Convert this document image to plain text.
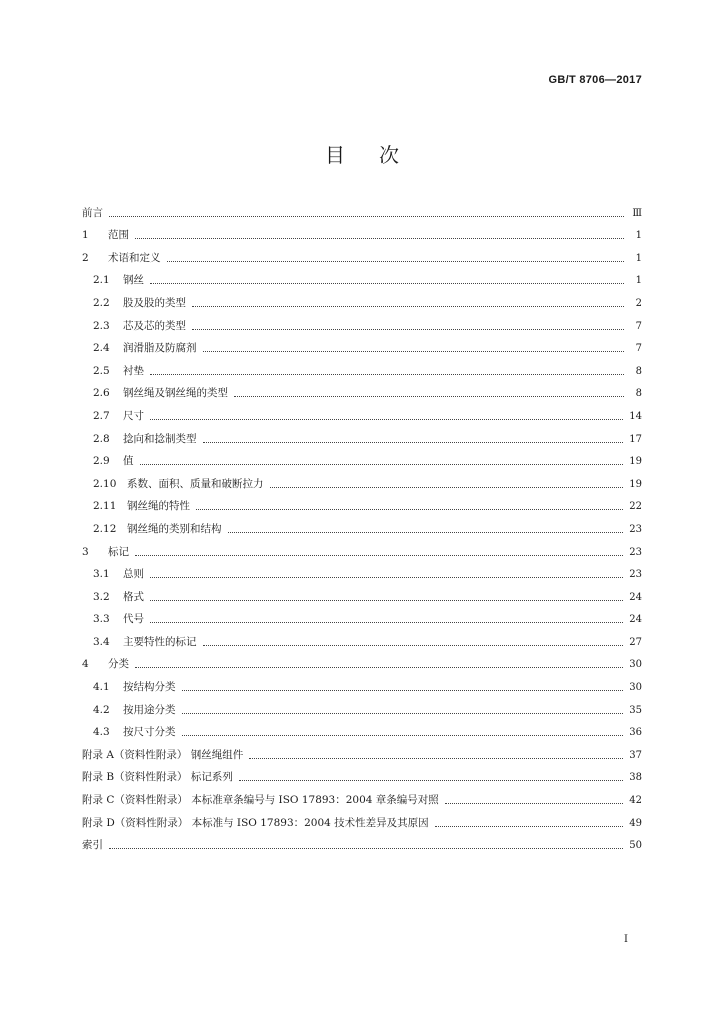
GB/T 8706—2017
目 次
前言	Ⅲ
1	范围	1
2	术语和定义	1
2.1	钢丝	1
2.2	股及股的类型	2
2.3	芯及芯的类型	7
2.4	润滑脂及防腐剂	7
2.5	衬垫	8
2.6	钢丝绳及钢丝绳的类型	8
2.7	尺寸	14
2.8	捻向和捻制类型	17
2.9	值	19
2.10	系数、面积、质量和破断拉力	19
2.11	钢丝绳的特性	22
2.12	钢丝绳的类别和结构	23
3	标记	23
3.1	总则	23
3.2	格式	24
3.3	代号	24
3.4	主要特性的标记	27
4	分类	30
4.1	按结构分类	30
4.2	按用途分类	35
4.3	按尺寸分类	36
附录 A（资料性附录） 钢丝绳组件	37
附录 B（资料性附录） 标记系列	38
附录 C（资料性附录） 本标准章条编号与 ISO 17893：2004 章条编号对照	42
附录 D（资料性附录） 本标准与 ISO 17893：2004 技术性差异及其原因	49
索引	50
I
